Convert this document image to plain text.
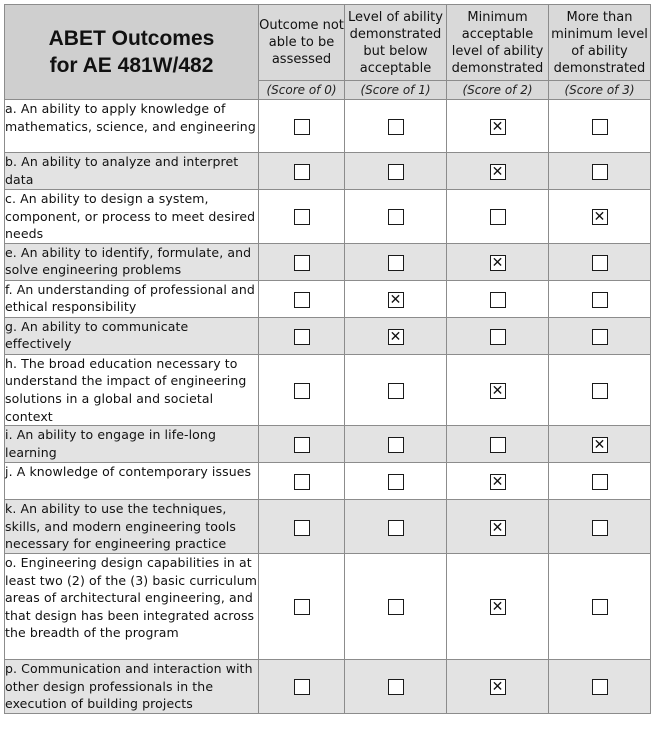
ABET Outcomes
for AE 481W/482	Outcome not able to be assessed	Level of ability demonstrated but below acceptable	Minimum acceptable level of ability demonstrated	More than minimum level of ability demonstrated
	(Score of 0)	(Score of 1)	(Score of 2)	(Score of 3)
a. An ability to apply knowledge of mathematics, science, and engineering			✕	

b. An ability to analyze and interpret data			✕	

c. An ability to design a system, component, or process to meet desired needs				✕

e. An ability to identify, formulate, and solve engineering problems			✕	

f. An understanding of professional and ethical responsibility		✕		

g. An ability to communicate effectively		✕		

h. The broad education necessary to understand the impact of engineering solutions in a global and societal context			✕	

i. An ability to engage in life-long learning				✕

j. A knowledge of contemporary issues			✕	

k. An ability to use the techniques, skills, and modern engineering tools necessary for engineering practice			✕	

o. Engineering design capabilities in at least two (2) of the (3) basic curriculum areas of architectural engineering, and that design has been integrated across the breadth of the program			✕	

p. Communication and interaction with other design professionals in the execution of building projects			✕	
